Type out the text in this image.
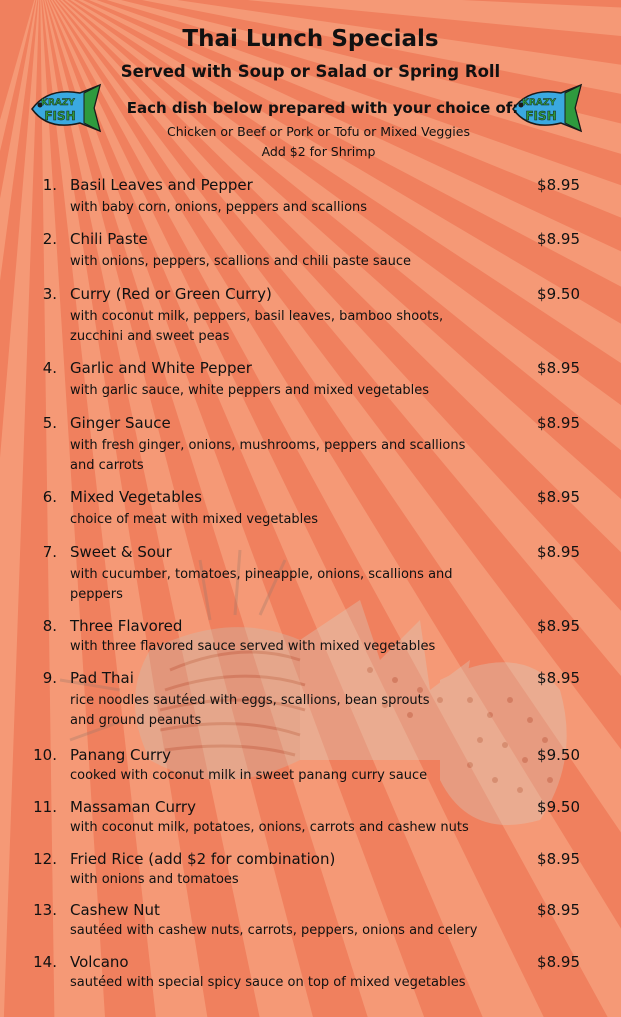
Thai Lunch Specials
Served with Soup or Salad or Spring Roll
KRAZY
FISH
KRAZY
FISH
Each dish below prepared with your choice of:
Chicken or Beef or Pork or Tofu or Mixed Veggies
Add $2 for Shrimp
1. Basil Leaves and Pepper	$8.95
with baby corn, onions, peppers and scallions
2. Chili Paste	$8.95
with onions, peppers, scallions and chili paste sauce
3. Curry (Red or Green Curry)	$9.50
with coconut milk, peppers, basil leaves, bamboo shoots,
zucchini and sweet peas
4. Garlic and White Pepper	$8.95
with garlic sauce, white peppers and mixed vegetables
5. Ginger Sauce	$8.95
with fresh ginger, onions, mushrooms, peppers and scallions
and carrots
6. Mixed Vegetables	$8.95
choice of meat with mixed vegetables
7. Sweet & Sour	$8.95
with cucumber, tomatoes, pineapple, onions, scallions and
peppers
8. Three Flavored	$8.95
with three flavored sauce served with mixed vegetables
9. Pad Thai	$8.95
rice noodles sautéed with eggs, scallions, bean sprouts
and ground peanuts
10. Panang Curry	$9.50
cooked with coconut milk in sweet panang curry sauce
11. Massaman Curry	$9.50
with coconut milk, potatoes, onions, carrots and cashew nuts
12. Fried Rice (add $2 for combination)	$8.95
with onions and tomatoes
13. Cashew Nut	$8.95
sautéed with cashew nuts, carrots, peppers, onions and celery
14. Volcano	$8.95
sautéed with special spicy sauce on top of mixed vegetables
